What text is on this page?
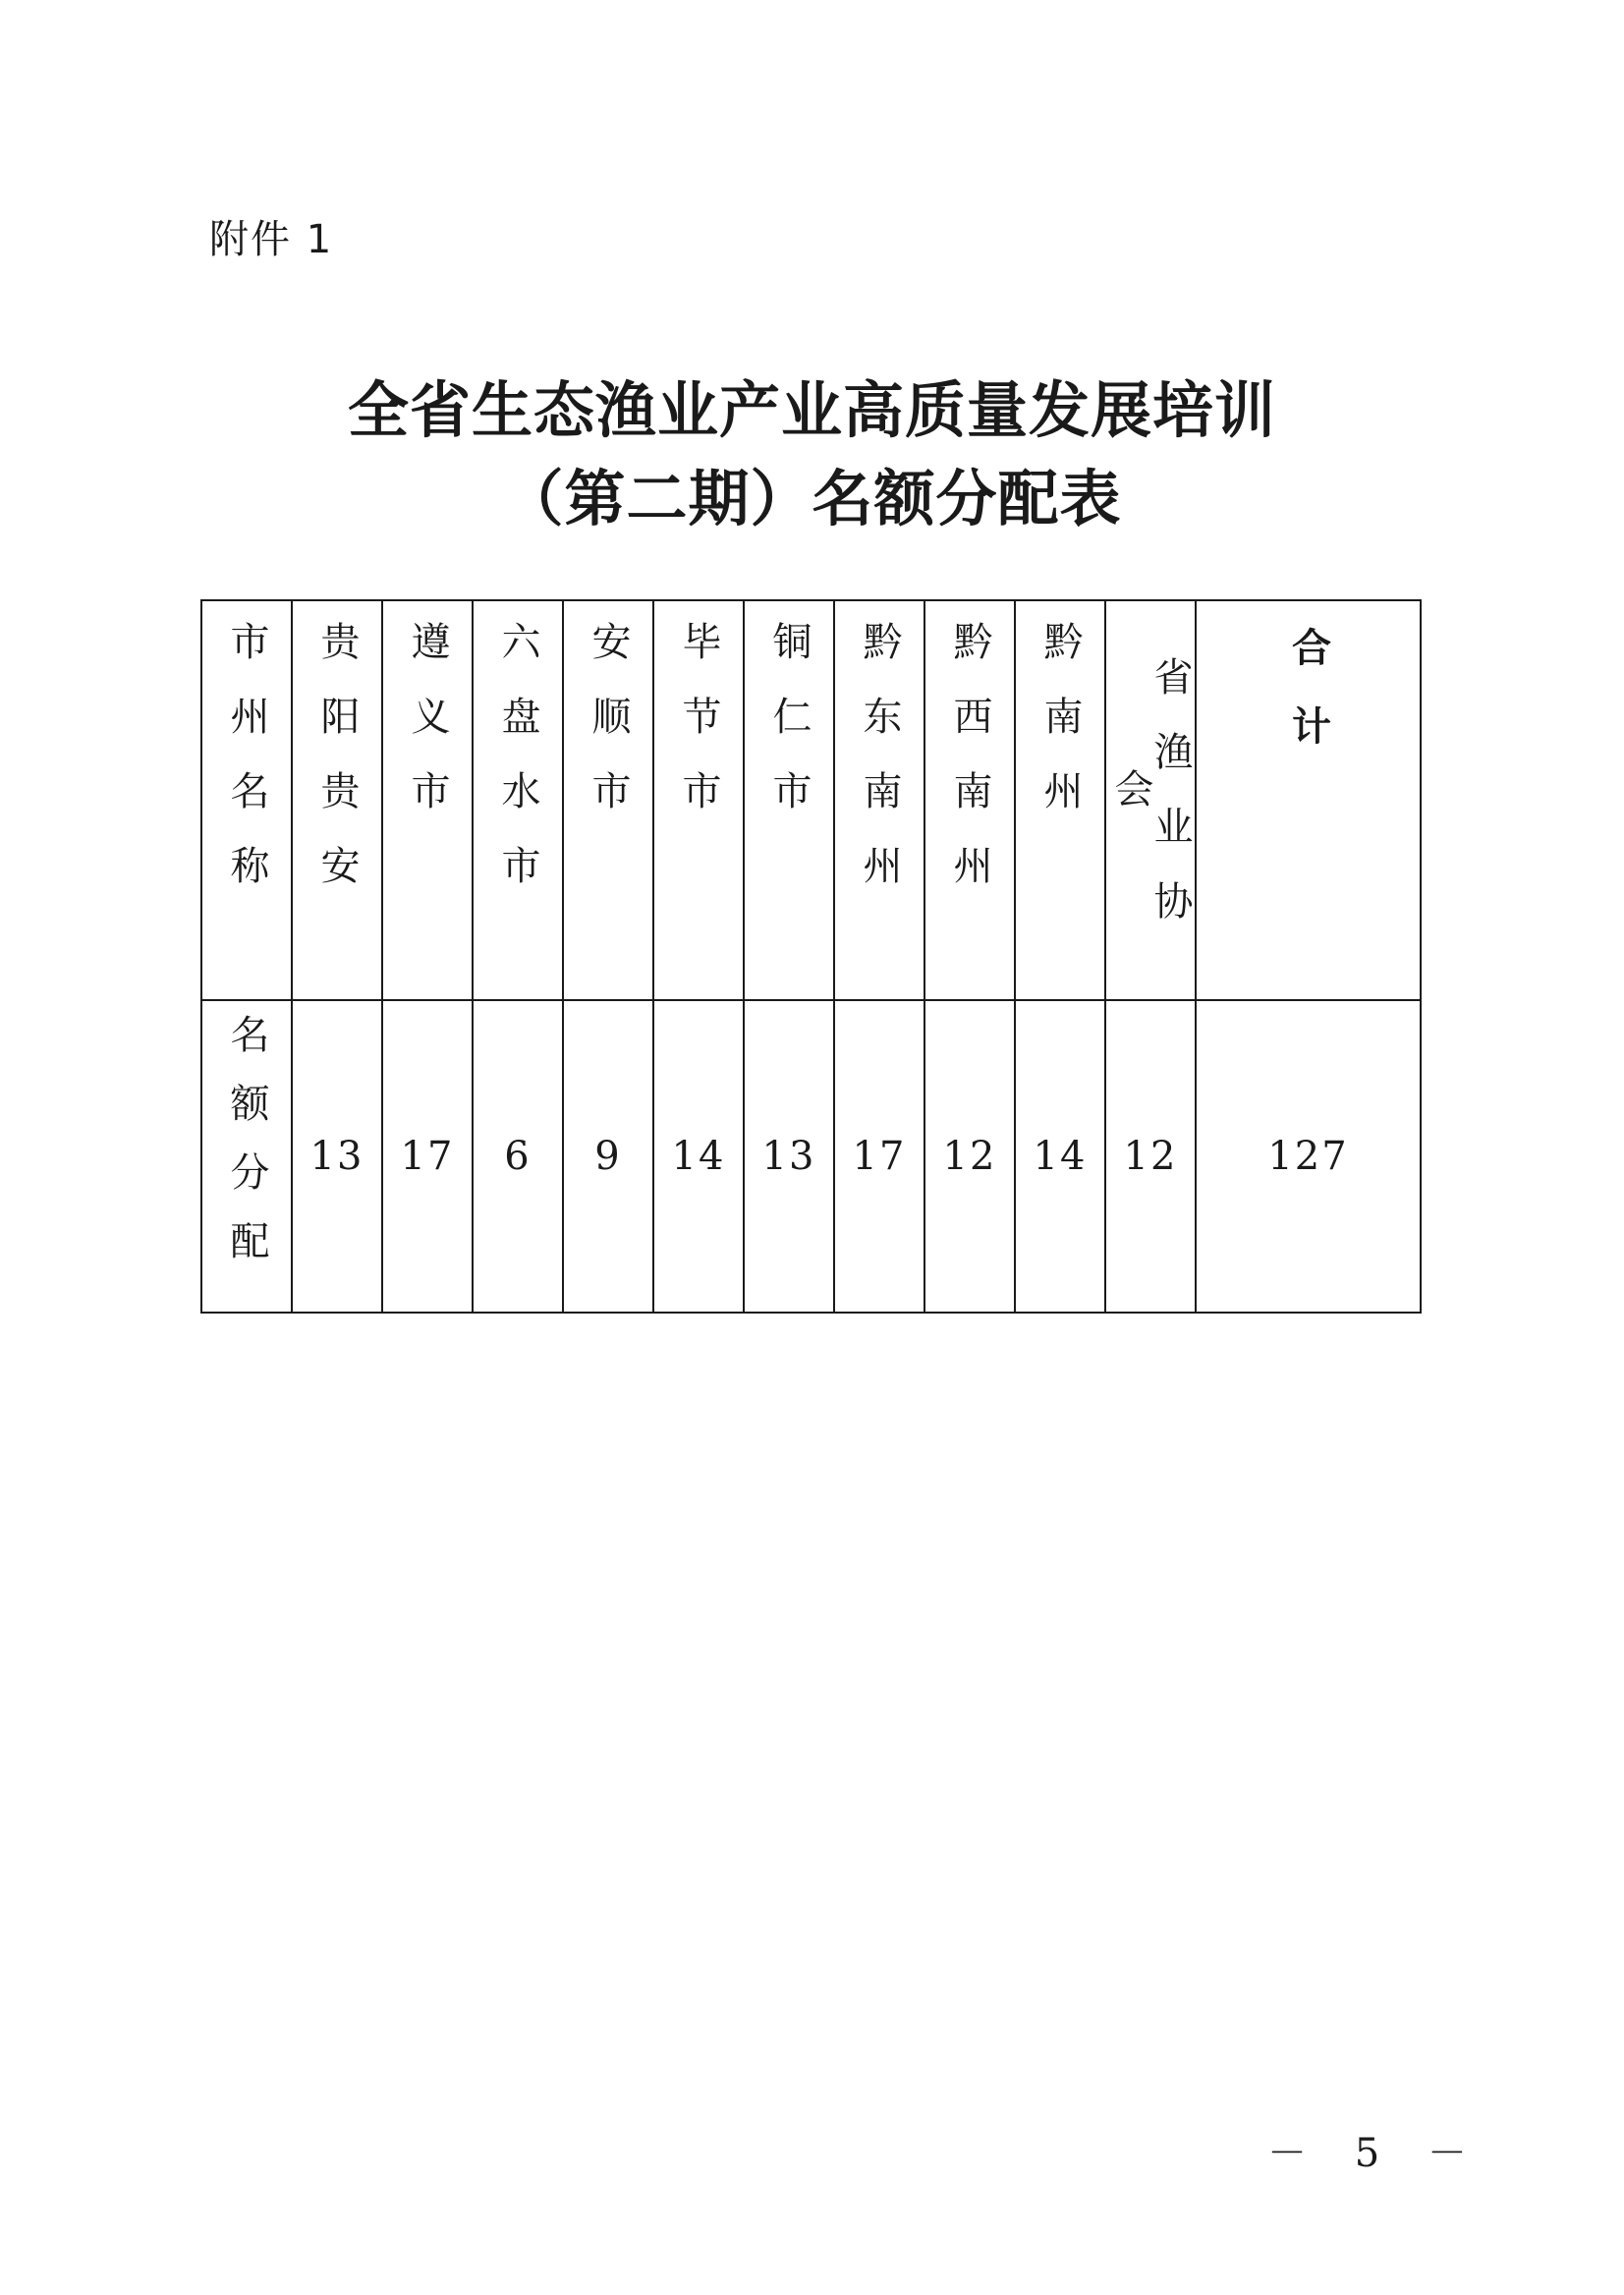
附件 1
全省生态渔业产业高质量发展培训
（第二期）名额分配表
市州名称	贵阳贵安	遵义市	六盘水市	安顺市	毕节市	铜仁市	黔东南州	黔西南州	黔南州	省渔业协会	合计
名额分配	13	17	6	9	14	13	17	12	14	12	127
－ 5 －
